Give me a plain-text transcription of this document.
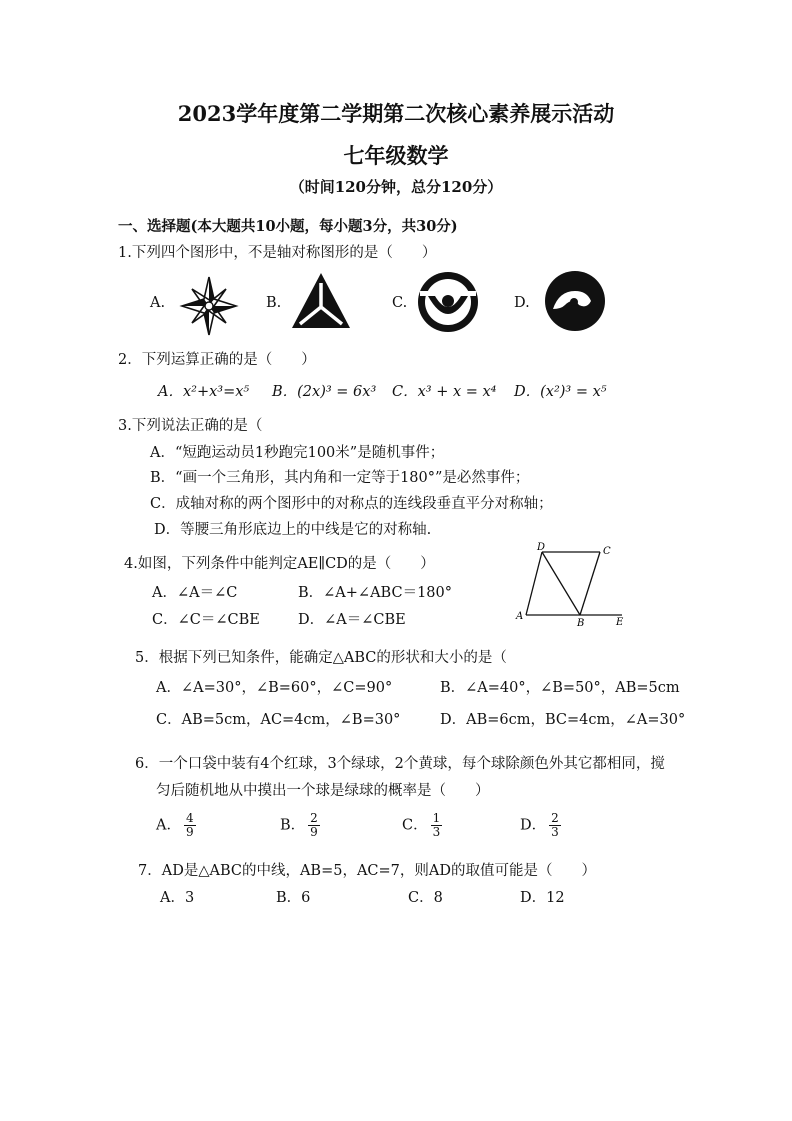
2023学年度第二学期第二次核心素养展示活动
七年级数学
（时间120分钟，总分120分）
一、选择题(本大题共10小题，每小题3分，共30分)
1.下列四个图形中，不是轴对称图形的是（　　）
A.	B.	C.	D.
2．下列运算正确的是（　　）
A．x²+x³=x⁵ B．(2x)³ = 6x³ C．x³ + x = x⁴ D．(x²)³ = x⁵
3.下列说法正确的是（
A．“短跑运动员1秒跑完100米”是随机事件；
B．“画一个三角形，其内角和一定等于180°”是必然事件；
C．成轴对称的两个图形中的对称点的连线段垂直平分对称轴；
D．等腰三角形底边上的中线是它的对称轴.
4.如图，下列条件中能判定AE∥CD的是（　　）
A．∠A＝∠C	B．∠A+∠ABC＝180°
C．∠C＝∠CBE	D．∠A＝∠CBE
D	C
A
B	E
5．根据下列已知条件，能确定△ABC的形状和大小的是（
A．∠A=30°，∠B=60°，∠C=90°	B．∠A=40°，∠B=50°，AB=5cm
C．AB=5cm，AC=4cm，∠B=30°	D．AB=6cm，BC=4cm，∠A=30°
6．一个口袋中装有4个红球，3个绿球，2个黄球，每个球除颜色外其它都相同，搅
匀后随机地从中摸出一个球是绿球的概率是（　　）
A． $\frac{4}{9}$	B． $\frac{2}{9}$	C． $\frac{1}{3}$	D． $\frac{2}{3}$
7．AD是△ABC的中线，AB=5，AC=7，则AD的取值可能是（　　）
A．3	B．6	C．8	D．12
